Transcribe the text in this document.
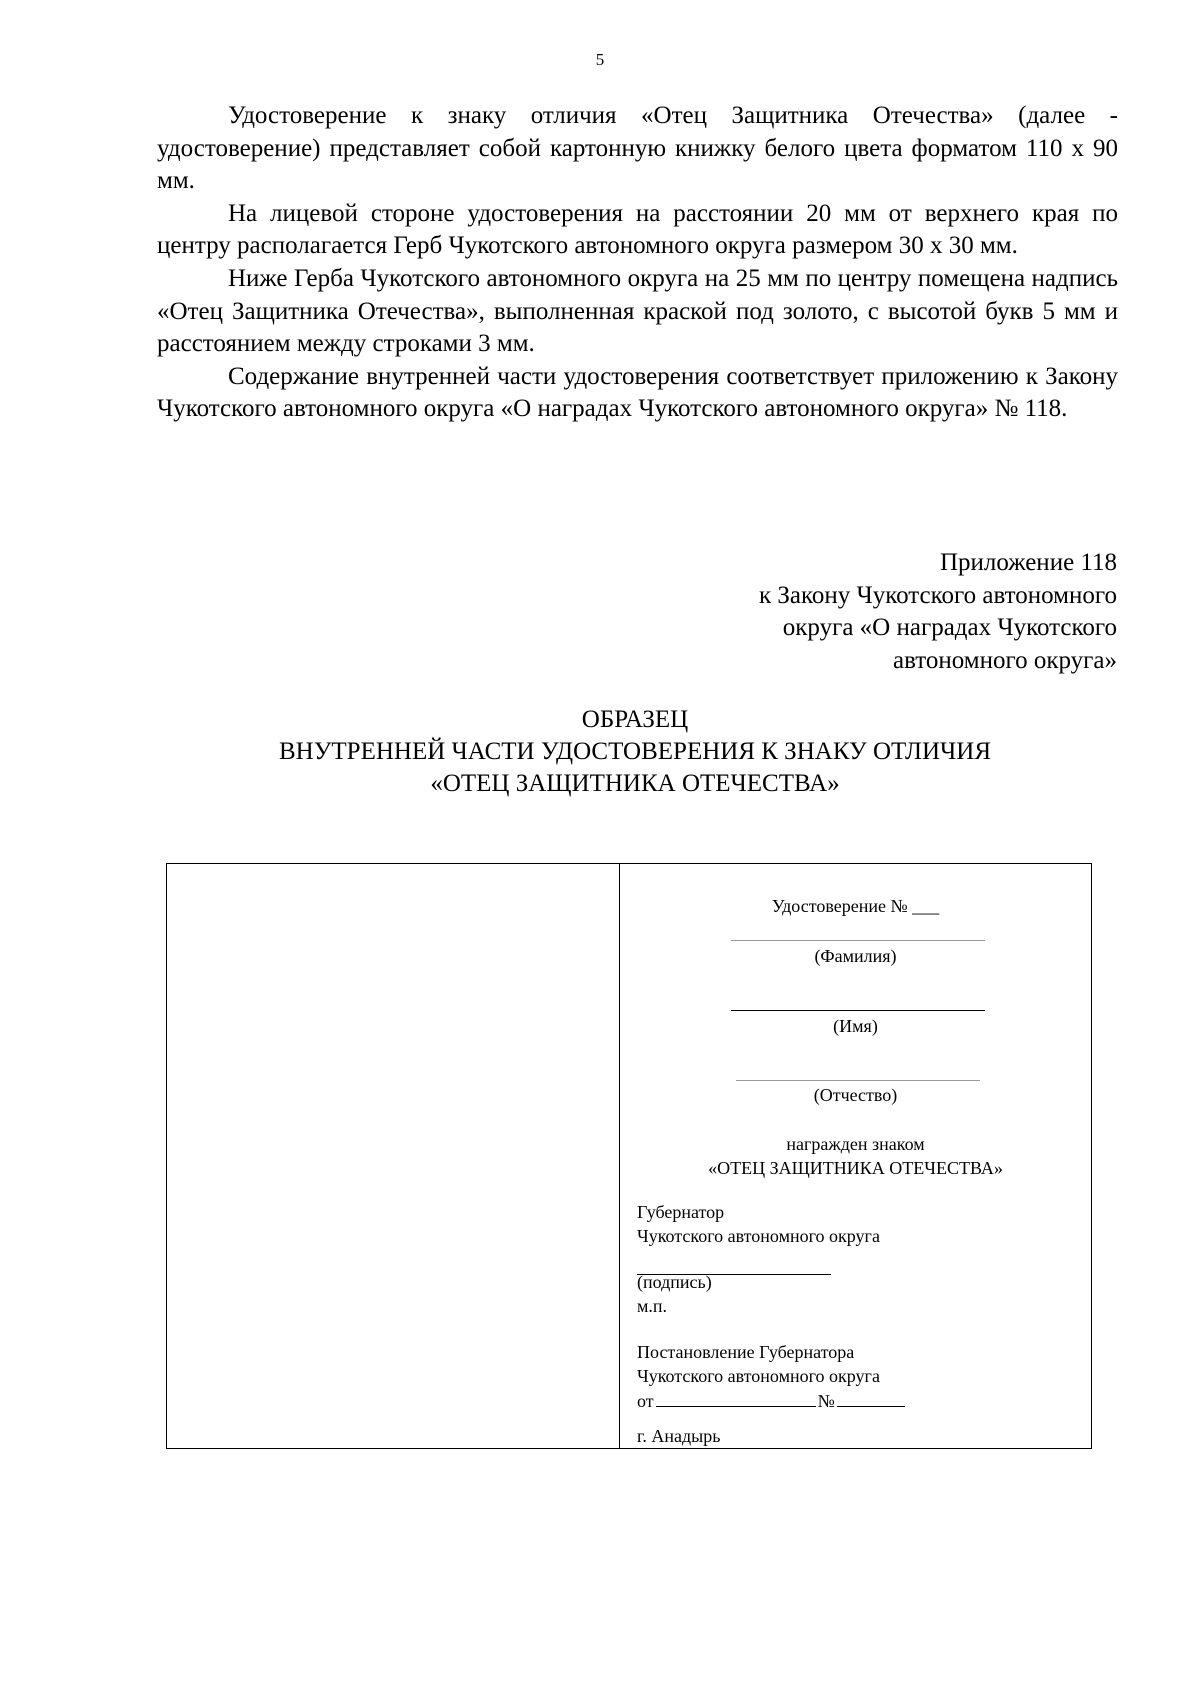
5

Удостоверение к знаку отличия «Отец Защитника Отечества» (далее - удостоверение) представляет собой картонную книжку белого цвета форматом 110 х 90 мм.

На лицевой стороне удостоверения на расстоянии 20 мм от верхнего края по центру располагается Герб Чукотского автономного округа размером 30 х 30 мм.

Ниже Герба Чукотского автономного округа на 25 мм по центру помещена надпись «Отец Защитника Отечества», выполненная краской под золото, с высотой букв 5 мм и расстоянием между строками 3 мм.

Содержание внутренней части удостоверения соответствует приложению к Закону Чукотского автономного округа «О наградах Чукотского автономного округа» № 118.

Приложение 118
к Закону Чукотского автономного
округа «О наградах Чукотского
автономного округа»
ОБРАЗЕЦ
ВНУТРЕННЕЙ ЧАСТИ УДОСТОВЕРЕНИЯ К ЗНАКУ ОТЛИЧИЯ
«ОТЕЦ ЗАЩИТНИКА ОТЕЧЕСТВА»
Удостоверение № ___
(Фамилия)
(Имя)
(Отчество)
награжден знаком
«ОТЕЦ ЗАЩИТНИКА ОТЕЧЕСТВА»
Губернатор
Чукотского автономного округа
(подпись)
м.п.
Постановление Губернатора
Чукотского автономного округа
от	№
г. Анадырь
